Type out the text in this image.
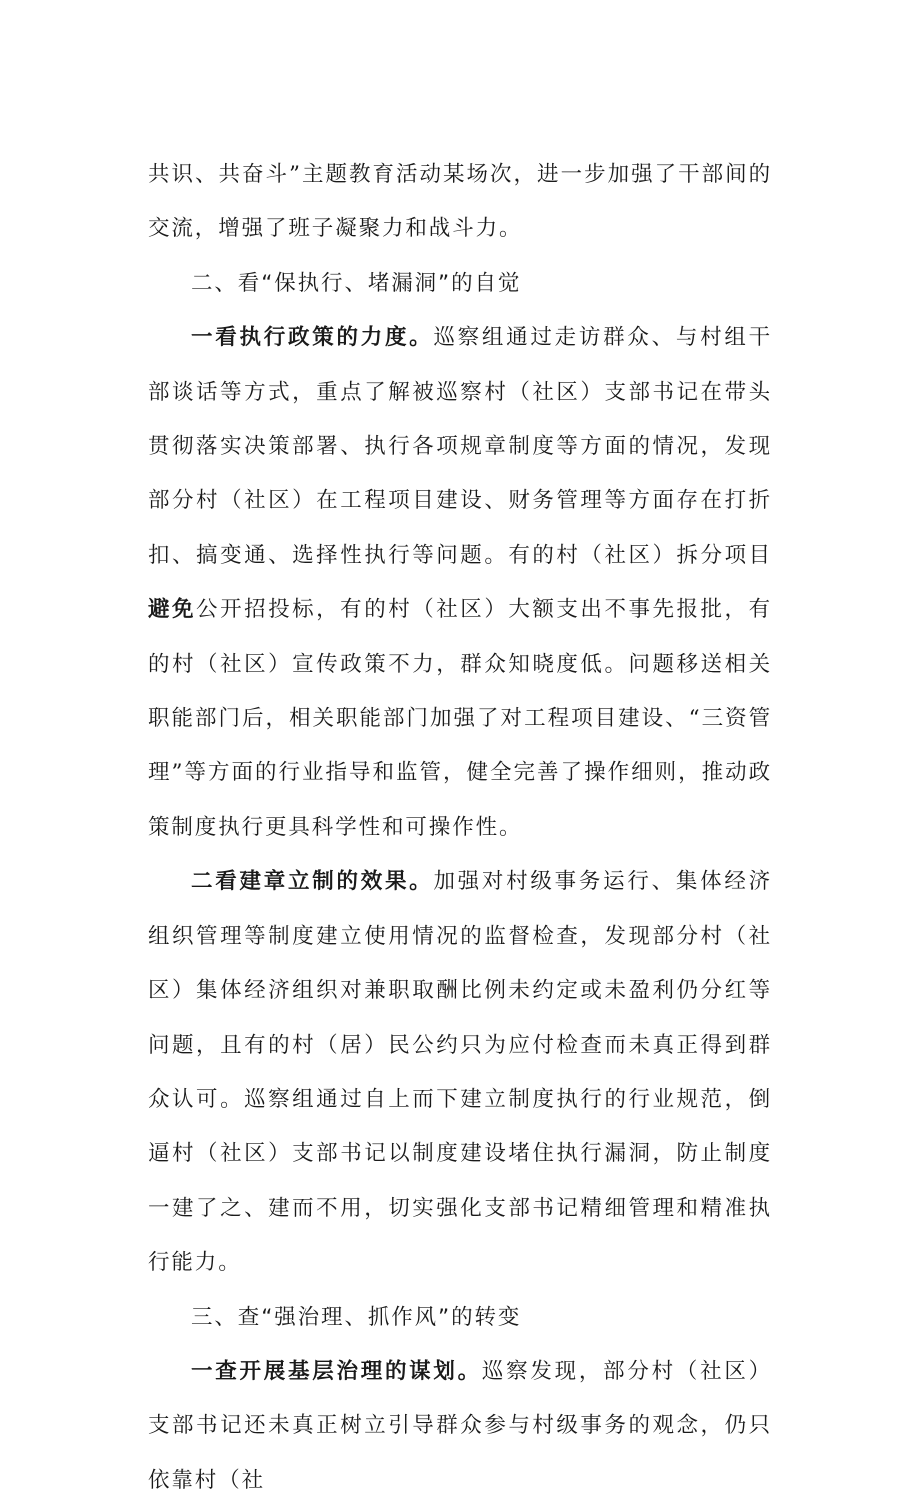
共识、共奋斗”主题教育活动某场次，进一步加强了干部间的交流，增强了班子凝聚力和战斗力。

二、看“保执行、堵漏洞”的自觉

一看执行政策的力度。巡察组通过走访群众、与村组干部谈话等方式，重点了解被巡察村（社区）支部书记在带头贯彻落实决策部署、执行各项规章制度等方面的情况，发现部分村（社区）在工程项目建设、财务管理等方面存在打折扣、搞变通、选择性执行等问题。有的村（社区）拆分项目避免公开招投标，有的村（社区）大额支出不事先报批，有的村（社区）宣传政策不力，群众知晓度低。问题移送相关职能部门后，相关职能部门加强了对工程项目建设、“三资管理”等方面的行业指导和监管，健全完善了操作细则，推动政策制度执行更具科学性和可操作性。

二看建章立制的效果。加强对村级事务运行、集体经济组织管理等制度建立使用情况的监督检查，发现部分村（社区）集体经济组织对兼职取酬比例未约定或未盈利仍分红等问题，且有的村（居）民公约只为应付检查而未真正得到群众认可。巡察组通过自上而下建立制度执行的行业规范，倒逼村（社区）支部书记以制度建设堵住执行漏洞，防止制度一建了之、建而不用，切实强化支部书记精细管理和精准执行能力。

三、查“强治理、抓作风”的转变

一查开展基层治理的谋划。巡察发现，部分村（社区）支部书记还未真正树立引导群众参与村级事务的观念，仍只依靠村（社
